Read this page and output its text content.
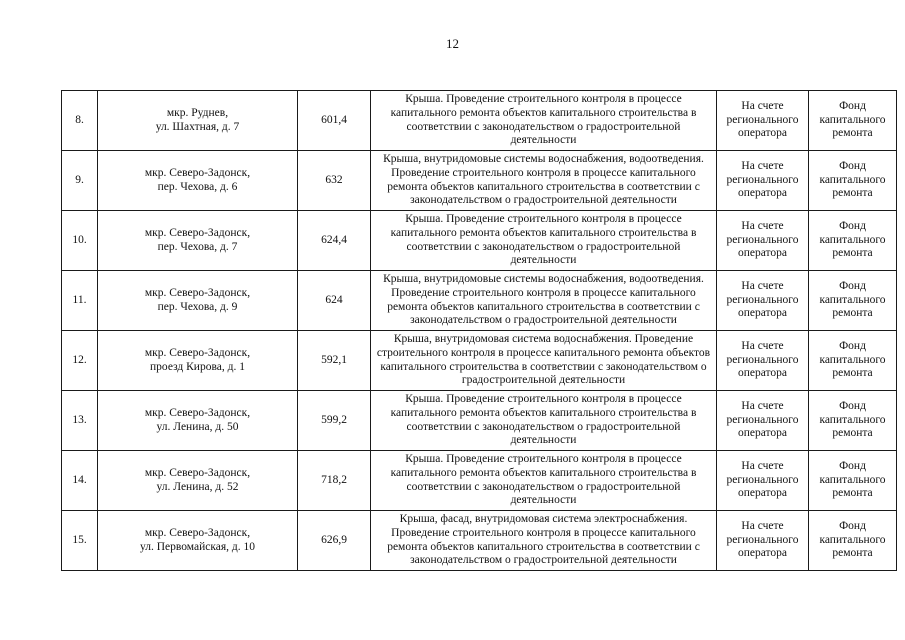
12
8.	мкр. Руднев,
ул. Шахтная, д. 7	601,4	Крыша. Проведение строительного контроля в процессе капитального ремонта объектов капитального строительства в соответствии с законодательством о градостроительной деятельности	На счете регионального оператора	Фонд капитального ремонта
9.	мкр. Северо-Задонск,
пер. Чехова, д. 6	632	Крыша, внутридомовые системы водоснабжения, водоотведения. Проведение строительного контроля в процессе капитального ремонта объектов капитального строительства в соответствии с законодательством о градостроительной деятельности	На счете регионального оператора	Фонд капитального ремонта
10.	мкр. Северо-Задонск,
пер. Чехова, д. 7	624,4	Крыша. Проведение строительного контроля в процессе капитального ремонта объектов капитального строительства в соответствии с законодательством о градостроительной деятельности	На счете регионального оператора	Фонд капитального ремонта
11.	мкр. Северо-Задонск,
пер. Чехова, д. 9	624	Крыша, внутридомовые системы водоснабжения, водоотведения. Проведение строительного контроля в процессе капитального ремонта объектов капитального строительства в соответствии с законодательством о градостроительной деятельности	На счете регионального оператора	Фонд капитального ремонта
12.	мкр. Северо-Задонск,
проезд Кирова, д. 1	592,1	Крыша, внутридомовая система водоснабжения. Проведение строительного контроля в процессе капитального ремонта объектов капитального строительства в соответствии с законодательством о градостроительной деятельности	На счете регионального оператора	Фонд капитального ремонта
13.	мкр. Северо-Задонск,
ул. Ленина, д. 50	599,2	Крыша. Проведение строительного контроля в процессе капитального ремонта объектов капитального строительства в соответствии с законодательством о градостроительной деятельности	На счете регионального оператора	Фонд капитального ремонта
14.	мкр. Северо-Задонск,
ул. Ленина, д. 52	718,2	Крыша. Проведение строительного контроля в процессе капитального ремонта объектов капитального строительства в соответствии с законодательством о градостроительной деятельности	На счете регионального оператора	Фонд капитального ремонта
15.	мкр. Северо-Задонск,
ул. Первомайская, д. 10	626,9	Крыша, фасад, внутридомовая система электроснабжения. Проведение строительного контроля в процессе капитального ремонта объектов капитального строительства в соответствии с законодательством о градостроительной деятельности	На счете регионального оператора	Фонд капитального ремонта
